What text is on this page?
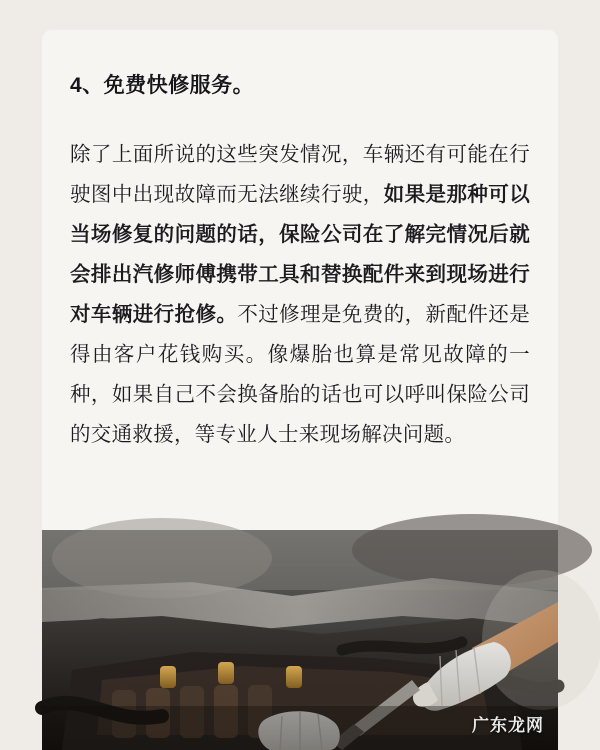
4、免费快修服务。

除了上面所说的这些突发情况，车辆还有可能在行驶图中出现故障而无法继续行驶，如果是那种可以当场修复的问题的话，保险公司在了解完情况后就会排出汽修师傅携带工具和替换配件来到现场进行对车辆进行抢修。不过修理是免费的，新配件还是得由客户花钱购买。像爆胎也算是常见故障的一种，如果自己不会换备胎的话也可以呼叫保险公司的交通救援，等专业人士来现场解决问题。

广东龙网
